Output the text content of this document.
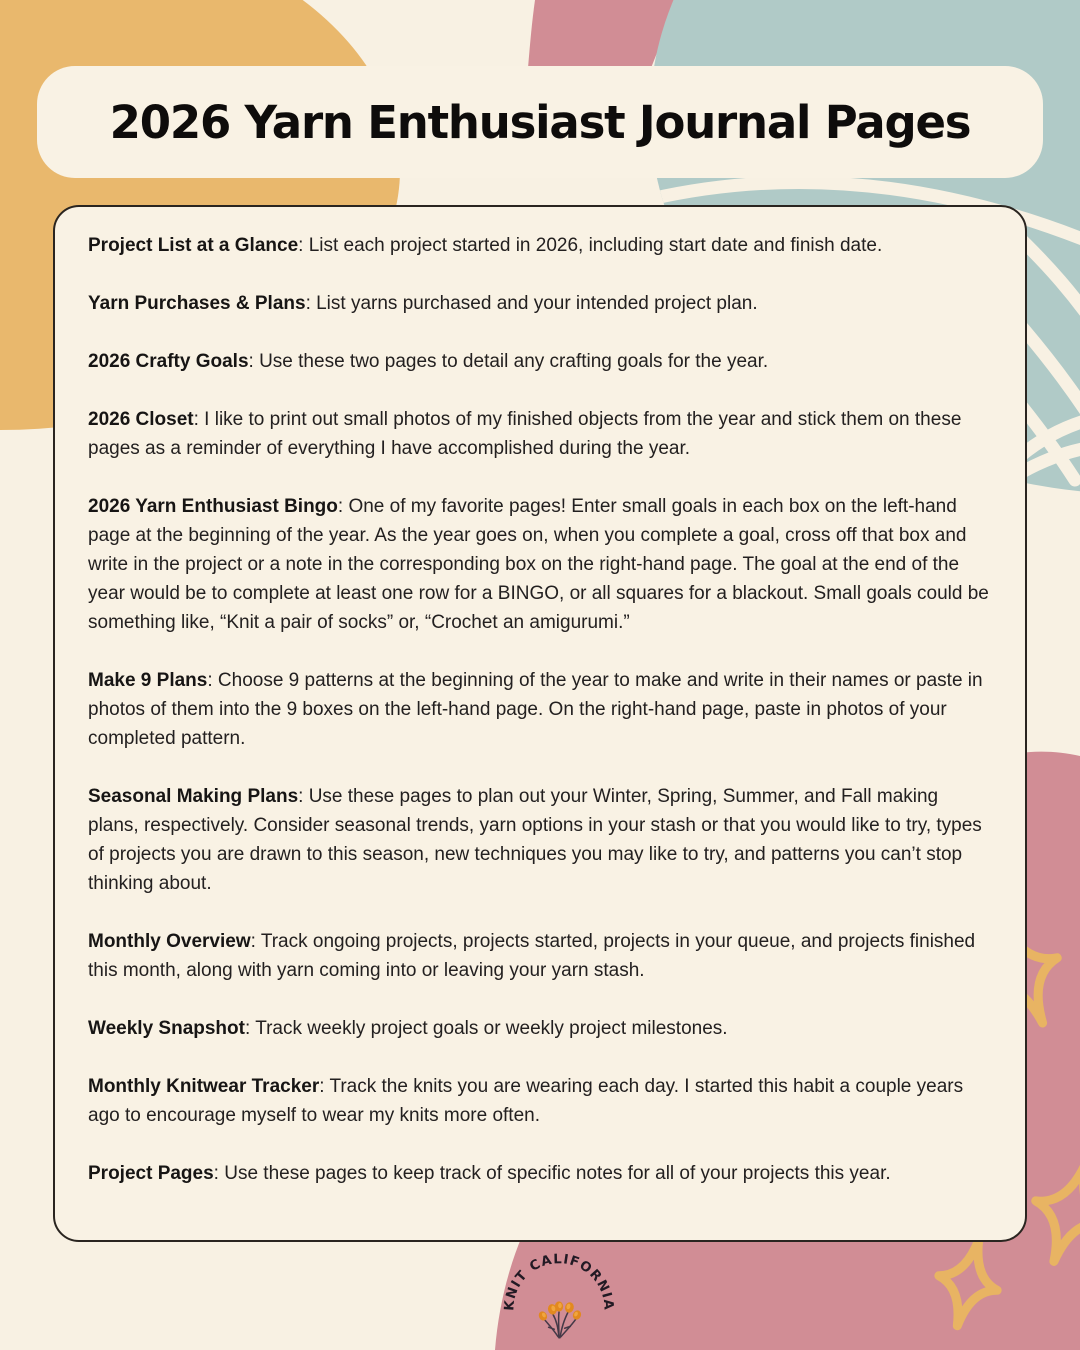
2026 Yarn Enthusiast Journal Pages

Project List at a Glance: List each project started in 2026, including start date and finish date.

Yarn Purchases & Plans: List yarns purchased and your intended project plan.

2026 Crafty Goals: Use these two pages to detail any crafting goals for the year.

2026 Closet: I like to print out small photos of my finished objects from the year and stick them on these pages as a reminder of everything I have accomplished during the year.

2026 Yarn Enthusiast Bingo: One of my favorite pages! Enter small goals in each box on the left-hand page at the beginning of the year. As the year goes on, when you complete a goal, cross off that box and write in the project or a note in the corresponding box on the right-hand page. The goal at the end of the year would be to complete at least one row for a BINGO, or all squares for a blackout. Small goals could be something like, “Knit a pair of socks” or, “Crochet an amigurumi.”

Make 9 Plans: Choose 9 patterns at the beginning of the year to make and write in their names or paste in photos of them into the 9 boxes on the left-hand page. On the right-hand page, paste in photos of your completed pattern.

Seasonal Making Plans: Use these pages to plan out your Winter, Spring, Summer, and Fall making plans, respectively. Consider seasonal trends, yarn options in your stash or that you would like to try, types of projects you are drawn to this season, new techniques you may like to try, and patterns you can’t stop thinking about.

Monthly Overview: Track ongoing projects, projects started, projects in your queue, and projects finished this month, along with yarn coming into or leaving your yarn stash.

Weekly Snapshot: Track weekly project goals or weekly project milestones.

Monthly Knitwear Tracker: Track the knits you are wearing each day. I started this habit a couple years ago to encourage myself to wear my knits more often.

Project Pages: Use these pages to keep track of specific notes for all of your projects this year.

KNIT CALIFORNIA
